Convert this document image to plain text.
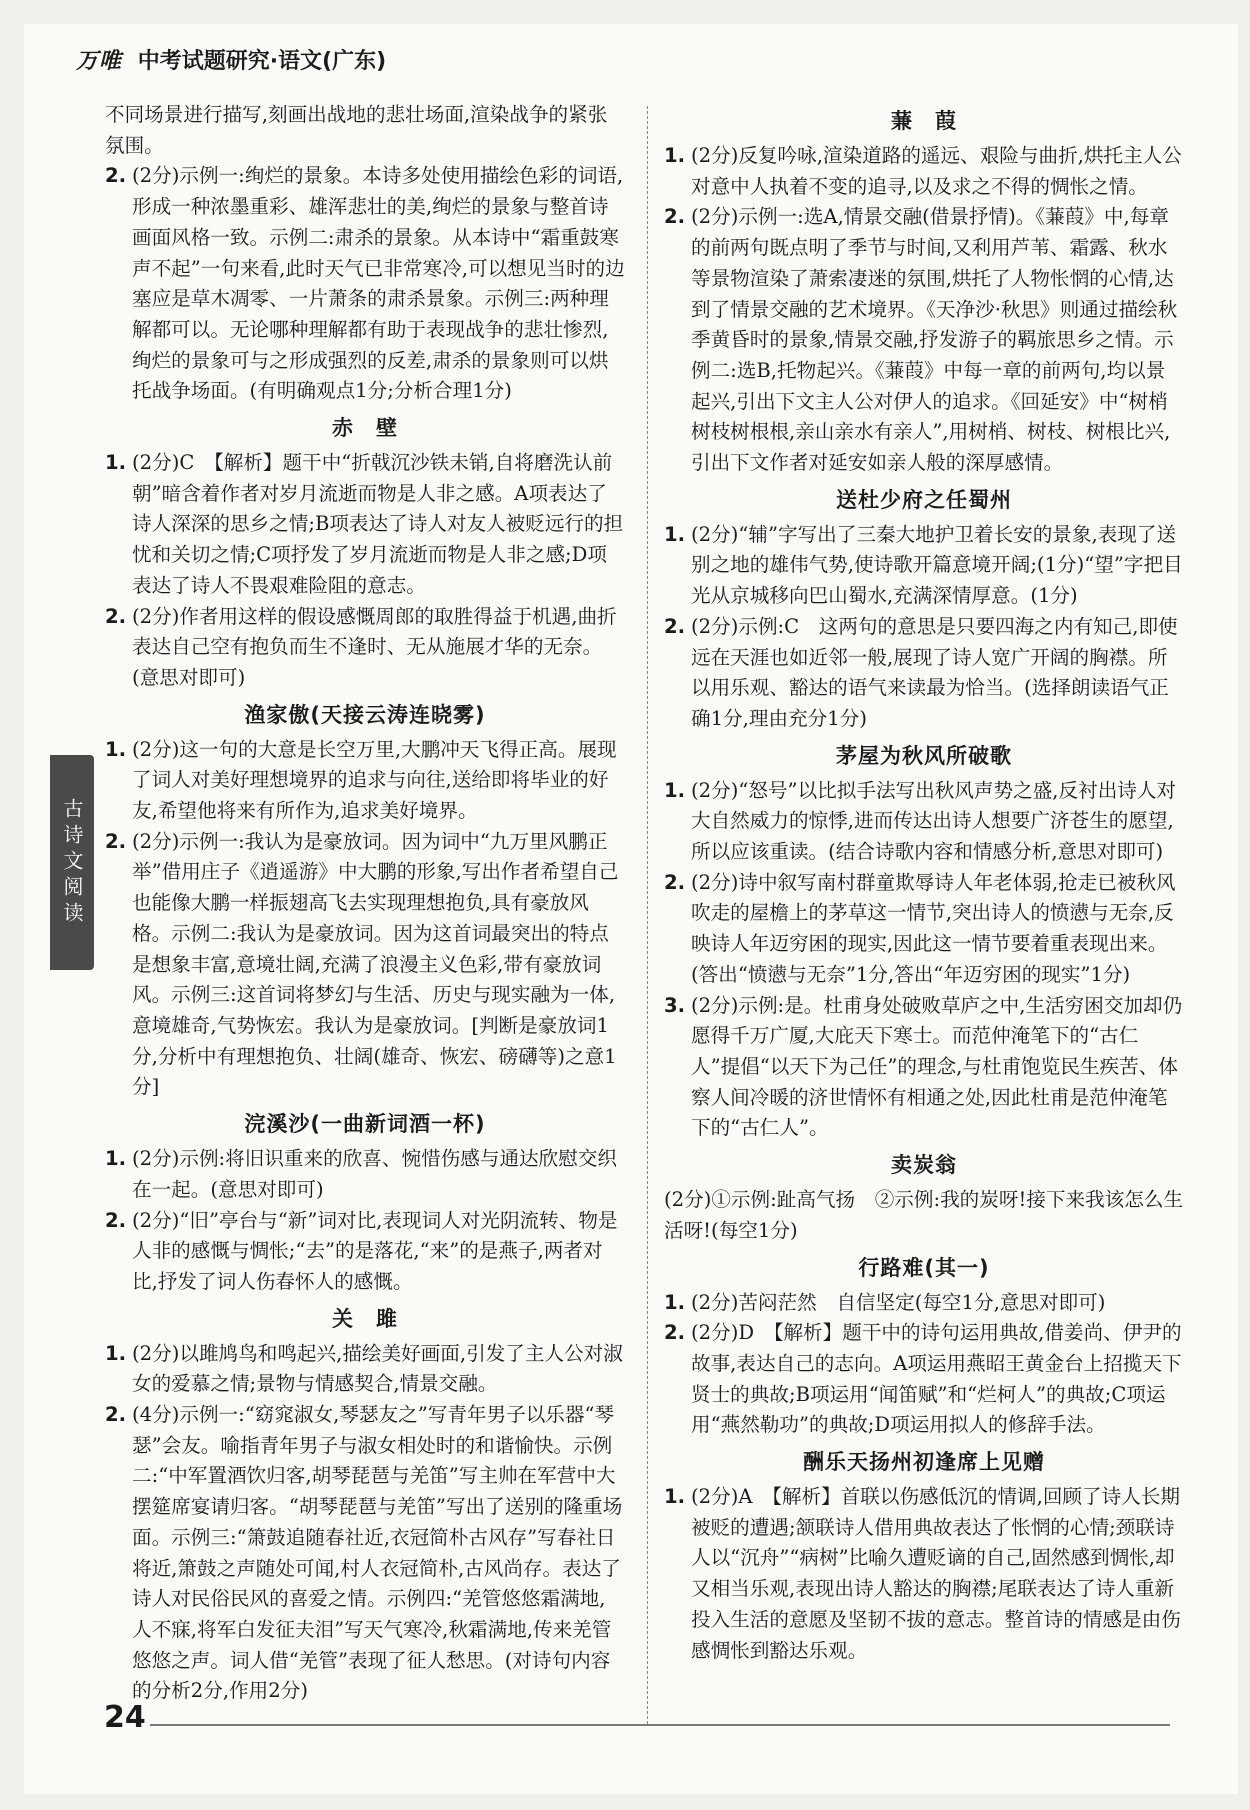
万唯 中考试题研究·语文(广东)
古诗文阅读

不同场景进行描写,刻画出战地的悲壮场面,渲染战争的紧张氛围。

2. (2分)示例一:绚烂的景象。本诗多处使用描绘色彩的词语,形成一种浓墨重彩、雄浑悲壮的美,绚烂的景象与整首诗画面风格一致。示例二:肃杀的景象。从本诗中“霜重鼓寒声不起”一句来看,此时天气已非常寒冷,可以想见当时的边塞应是草木凋零、一片萧条的肃杀景象。示例三:两种理解都可以。无论哪种理解都有助于表现战争的悲壮惨烈,绚烂的景象可与之形成强烈的反差,肃杀的景象则可以烘托战争场面。(有明确观点1分;分析合理1分)
赤　壁
1. (2分)C　【解析】题干中“折戟沉沙铁未销,自将磨洗认前朝”暗含着作者对岁月流逝而物是人非之感。A项表达了诗人深深的思乡之情;B项表达了诗人对友人被贬远行的担忧和关切之情;C项抒发了岁月流逝而物是人非之感;D项表达了诗人不畏艰难险阻的意志。
2. (2分)作者用这样的假设感慨周郎的取胜得益于机遇,曲折表达自己空有抱负而生不逢时、无从施展才华的无奈。(意思对即可)
渔家傲(天接云涛连晓雾)
1. (2分)这一句的大意是长空万里,大鹏冲天飞得正高。展现了词人对美好理想境界的追求与向往,送给即将毕业的好友,希望他将来有所作为,追求美好境界。
2. (2分)示例一:我认为是豪放词。因为词中“九万里风鹏正举”借用庄子《逍遥游》中大鹏的形象,写出作者希望自己也能像大鹏一样振翅高飞去实现理想抱负,具有豪放风格。示例二:我认为是豪放词。因为这首词最突出的特点是想象丰富,意境壮阔,充满了浪漫主义色彩,带有豪放词风。示例三:这首词将梦幻与生活、历史与现实融为一体,意境雄奇,气势恢宏。我认为是豪放词。[判断是豪放词1分,分析中有理想抱负、壮阔(雄奇、恢宏、磅礴等)之意1分]
浣溪沙(一曲新词酒一杯)
1. (2分)示例:将旧识重来的欣喜、惋惜伤感与通达欣慰交织在一起。(意思对即可)
2. (2分)“旧”亭台与“新”词对比,表现词人对光阴流转、物是人非的感慨与惆怅;“去”的是落花,“来”的是燕子,两者对比,抒发了词人伤春怀人的感慨。
关　雎
1. (2分)以雎鸠鸟和鸣起兴,描绘美好画面,引发了主人公对淑女的爱慕之情;景物与情感契合,情景交融。
2. (4分)示例一:“窈窕淑女,琴瑟友之”写青年男子以乐器“琴瑟”会友。喻指青年男子与淑女相处时的和谐愉快。示例二:“中军置酒饮归客,胡琴琵琶与羌笛”写主帅在军营中大摆筵席宴请归客。“胡琴琵琶与羌笛”写出了送别的隆重场面。示例三:“箫鼓追随春社近,衣冠简朴古风存”写春社日将近,箫鼓之声随处可闻,村人衣冠简朴,古风尚存。表达了诗人对民俗民风的喜爱之情。示例四:“羌管悠悠霜满地,人不寐,将军白发征夫泪”写天气寒冷,秋霜满地,传来羌管悠悠之声。词人借“羌管”表现了征人愁思。(对诗句内容的分析2分,作用2分)
蒹　葭
1. (2分)反复吟咏,渲染道路的遥远、艰险与曲折,烘托主人公对意中人执着不变的追寻,以及求之不得的惆怅之情。
2. (2分)示例一:选A,情景交融(借景抒情)。《蒹葭》中,每章的前两句既点明了季节与时间,又利用芦苇、霜露、秋水等景物渲染了萧索凄迷的氛围,烘托了人物怅惘的心情,达到了情景交融的艺术境界。《天净沙·秋思》则通过描绘秋季黄昏时的景象,情景交融,抒发游子的羁旅思乡之情。示例二:选B,托物起兴。《蒹葭》中每一章的前两句,均以景起兴,引出下文主人公对伊人的追求。《回延安》中“树梢树枝树根根,亲山亲水有亲人”,用树梢、树枝、树根比兴,引出下文作者对延安如亲人般的深厚感情。
送杜少府之任蜀州
1. (2分)“辅”字写出了三秦大地护卫着长安的景象,表现了送别之地的雄伟气势,使诗歌开篇意境开阔;(1分)“望”字把目光从京城移向巴山蜀水,充满深情厚意。(1分)
2. (2分)示例:C　这两句的意思是只要四海之内有知己,即使远在天涯也如近邻一般,展现了诗人宽广开阔的胸襟。所以用乐观、豁达的语气来读最为恰当。(选择朗读语气正确1分,理由充分1分)
茅屋为秋风所破歌
1. (2分)“怒号”以比拟手法写出秋风声势之盛,反衬出诗人对大自然威力的惊悸,进而传达出诗人想要广济苍生的愿望,所以应该重读。(结合诗歌内容和情感分析,意思对即可)
2. (2分)诗中叙写南村群童欺辱诗人年老体弱,抢走已被秋风吹走的屋檐上的茅草这一情节,突出诗人的愤懑与无奈,反映诗人年迈穷困的现实,因此这一情节要着重表现出来。(答出“愤懑与无奈”1分,答出“年迈穷困的现实”1分)
3. (2分)示例:是。杜甫身处破败草庐之中,生活穷困交加却仍愿得千万广厦,大庇天下寒士。而范仲淹笔下的“古仁人”提倡“以天下为己任”的理念,与杜甫饱览民生疾苦、体察人间冷暖的济世情怀有相通之处,因此杜甫是范仲淹笔下的“古仁人”。
卖炭翁

(2分)①示例:趾高气扬　②示例:我的炭呀!接下来我该怎么生活呀!(每空1分)

行路难(其一)
1. (2分)苦闷茫然　自信坚定(每空1分,意思对即可)
2. (2分)D　【解析】题干中的诗句运用典故,借姜尚、伊尹的故事,表达自己的志向。A项运用燕昭王黄金台上招揽天下贤士的典故;B项运用“闻笛赋”和“烂柯人”的典故;C项运用“燕然勒功”的典故;D项运用拟人的修辞手法。
酬乐天扬州初逢席上见赠
1. (2分)A　【解析】首联以伤感低沉的情调,回顾了诗人长期被贬的遭遇;颔联诗人借用典故表达了怅惘的心情;颈联诗人以“沉舟”“病树”比喻久遭贬谪的自己,固然感到惆怅,却又相当乐观,表现出诗人豁达的胸襟;尾联表达了诗人重新投入生活的意愿及坚韧不拔的意志。整首诗的情感是由伤感惆怅到豁达乐观。
24
